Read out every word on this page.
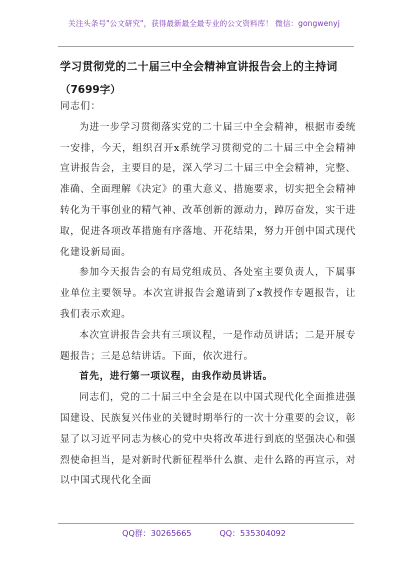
关注头条号"公文研究"，获得最新最全最专业的公文资料库！ 微信：gongwenyj
学习贯彻党的二十届三中全会精神宣讲报告会上的主持词
（7699字）

同志们：

为进一步学习贯彻落实党的二十届三中全会精神，根据市委统一安排，今天，组织召开x系统学习贯彻党的二十届三中全会精神宣讲报告会，主要目的是，深入学习二十届三中全会精神，完整、准确、全面理解《决定》的重大意义、措施要求，切实把全会精神转化为干事创业的精气神、改革创新的源动力，踔厉奋发，实干进取，促进各项改革措施有序落地、开花结果，努力开创中国式现代化建设新局面。

参加今天报告会的有局党组成员、各处室主要负责人，下属事业单位主要领导。本次宣讲报告会邀请到了x教授作专题报告，让我们表示欢迎。

本次宣讲报告会共有三项议程，一是作动员讲话；二是开展专题报告；三是总结讲话。下面，依次进行。

首先，进行第一项议程，由我作动员讲话。

同志们，党的二十届三中全会是在以中国式现代化全面推进强国建设、民族复兴伟业的关键时期举行的一次十分重要的会议，彰显了以习近平同志为核心的党中央将改革进行到底的坚强决心和强烈使命担当，是对新时代新征程举什么旗、走什么路的再宣示，对以中国式现代化全面

QQ群：30265665	QQ：535304092
